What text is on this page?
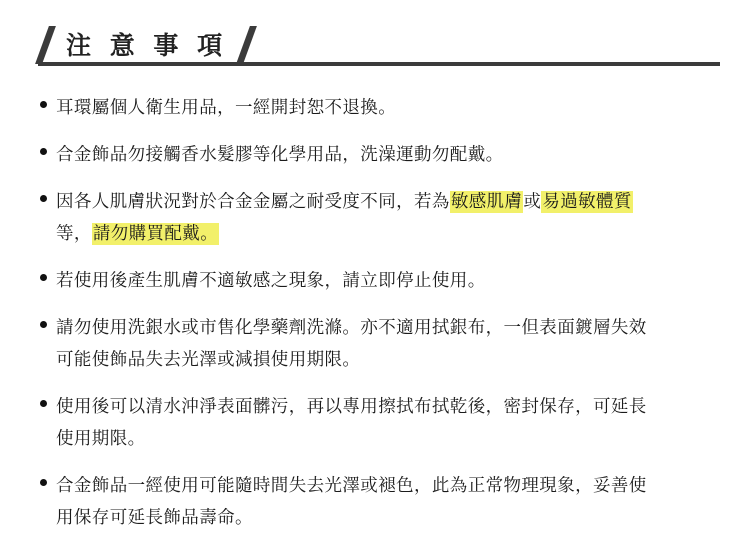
注 意 事 項
耳環屬個人衛生用品，一經開封恕不退換。
合金飾品勿接觸香水髮膠等化學用品，洗澡運動勿配戴。
因各人肌膚狀況對於合金金屬之耐受度不同，若為敏感肌膚或易過敏體質等，請勿購買配戴。
若使用後產生肌膚不適敏感之現象，請立即停止使用。
請勿使用洗銀水或市售化學藥劑洗滌。亦不適用拭銀布，一但表面鍍層失效可能使飾品失去光澤或減損使用期限。
使用後可以清水沖淨表面髒污，再以專用擦拭布拭乾後，密封保存，可延長使用期限。
合金飾品一經使用可能隨時間失去光澤或褪色，此為正常物理現象，妥善使用保存可延長飾品壽命。
